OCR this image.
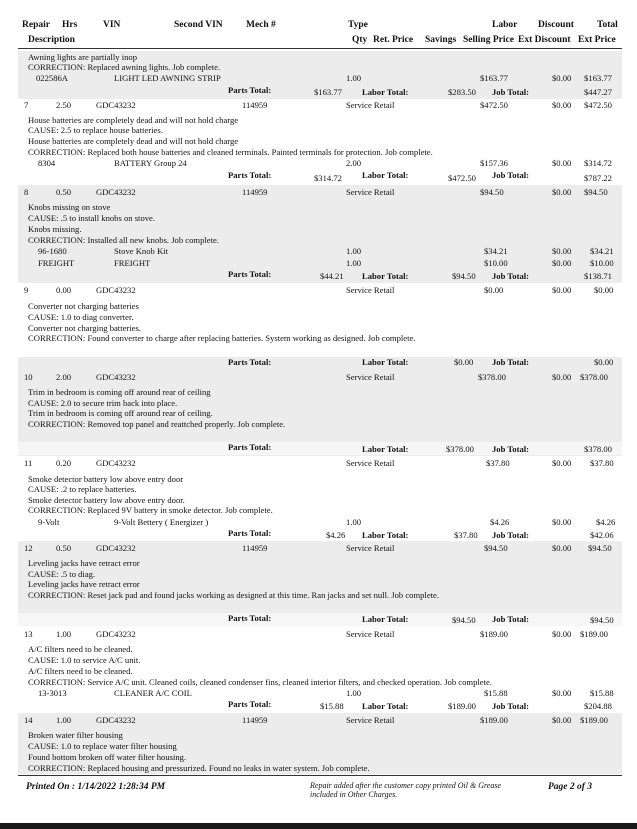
Repair Hrs	VIN	Second VIN Mech #	Type	Labor Discount Total
Description	Qty Ret. Price Savings Selling Price Ext Discount Ext Price
Awning lights are partially inop
CORRECTION: Replaced awning lights. Job complete.
022586A	LIGHT LED AWNING STRIP	1.00	$163.77	$0.00 $163.77
Parts Total:	$163.77 Labor Total:	$283.50 Job Total:	$447.27
7	2.50	GDC43232	114959	Service Retail	$472.50	$0.00 $472.50
House batteries are completely dead and will not hold charge
CAUSE: 2.5 to replace house batteries.
House batteries are completely dead and will not hold charge
CORRECTION: Replaced both house batteries and cleaned terminals. Painted terminals for protection. Job complete.
8304	BATTERY Group 24	2.00	$157.36	$0.00 $314.72
Parts Total:	$314.72 Labor Total:	$472.50 Job Total:	$787.22
8	0.50	GDC43232	114959	Service Retail	$94.50	$0.00 $94.50
Knobs missing on stove
CAUSE: .5 to install knobs on stove.
Knobs missing.
CORRECTION: Installed all new knobs. Job complete.
96-1680	Stove Knob Kit	1.00	$34.21	$0.00 $34.21
FREIGHT	FREIGHT	1.00	$10.00	$0.00 $10.00
Parts Total:	$44.21 Labor Total:	$94.50 Job Total:	$138.71
9	0.00	GDC43232	Service Retail	$0.00	$0.00	$0.00
Converter not charging batteries
CAUSE: 1.0 to diag converter.
Converter not charging batteries.
CORRECTION: Found converter to charge after replacing batteries. System working as designed. Job complete.
Parts Total:	Labor Total:	$0.00 Job Total:	$0.00
10	2.00	GDC43232	Service Retail	$378.00	$0.00 $378.00
Trim in bedroom is coming off around rear of ceiling
CAUSE: 2.0 to secure trim back into place.
Trim in bedroom is coming off around rear of ceiling.
CORRECTION: Removed top panel and reattched properly. Job complete.
Parts Total:	Labor Total:	$378.00 Job Total:	$378.00
11	0.20	GDC43232	Service Retail	$37.80	$0.00 $37.80
Smoke detector battery low above entry door
CAUSE: .2 to replace batteries.
Smoke detector battery low above entry door.
CORRECTION: Replaced 9V battery in smoke detector. Job complete.
9-Volt	9-Volt Bettery ( Energizer )	1.00	$4.26	$0.00	$4.26
Parts Total:	$4.26 Labor Total:	$37.80 Job Total:	$42.06
12	0.50	GDC43232	114959	Service Retail	$94.50	$0.00 $94.50
Leveling jacks have retract error
CAUSE: .5 to diag.
Leveling jacks have retract error
CORRECTION: Reset jack pad and found jacks working as designed at this time. Ran jacks and set null. Job complete.
Parts Total:	Labor Total:	$94.50 Job Total:	$94.50
13	1.00	GDC43232	Service Retail	$189.00	$0.00 $189.00
A/C filters need to be cleaned.
CAUSE: 1.0 to service A/C unit.
A/C filters need to be cleaned.
CORRECTION: Service A/C unit. Cleaned coils, cleaned condenser fins, cleaned interior filters, and checked operation. Job complete.
13-3013	CLEANER A/C COIL	1.00	$15.88	$0.00 $15.88
Parts Total:	$15.88 Labor Total:	$189.00 Job Total:	$204.88
14	1.00	GDC43232	114959	Service Retail	$189.00	$0.00 $189.00
Broken water filter housing
CAUSE: 1.0 to replace water filter housing
Found bottom broken off water filter housing.
CORRECTION: Replaced housing and pressurized. Found no leaks in water system. Job complete.
Printed On : 1/14/2022 1:28:34 PM	Repair added after the customer copy printed Oil & Grease included in Other Charges.
Page 2 of 3
